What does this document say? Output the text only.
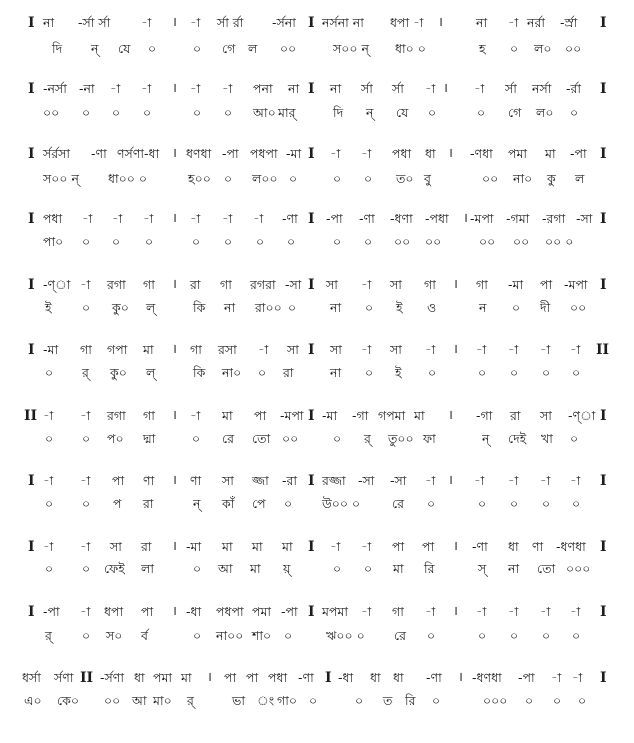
I না -র্সা র্সা -া । -া র্সা র্রা -র্সনা I নর্সনা না ধপা -া ।	না -া নর্রা -র্স্রা I
দি ন্ যে ০	০ গে ল ০০	স০০ ন্ ধা০ ০	হ ০ ল০ ০০
I -নর্সা -না -া -া । -া -া পনা না I না র্সা র্সা -া । -া র্সা নর্সা -র্রা I
০০ ০ ০ ০	০ ০ আ০ মার্	দি ন্ যে ০	০ গে ল০ ০
I র্সর্রসা -ণা ণর্সণা-ধা । ধণধা -পা পধপা -মা I -া -া পধা ধা । -ণধা পমা মা -পা I
স০০ ন্ ধা০০ ০	হ০০ ০ ল০০ ০	০ ০ ত০ বু	০০ না০ কু ল
I পধা -া -া -া । -া -া -া -ণা I -পা -ণা -ধণা -পধা । -মপা -গমা -রগা -সা I
পা০ ০ ০ ০	০ ০ ০ ০	০ ০ ০০ ০০	০০ ০০ ০০ ০
I -ণ্া -া রগা গা । রা গা রগরা -সা I সা -া সা গা । গা -মা পা -মপা I
ই ০ কু০ ল্	কি না রা০০ ০	না ০ ই ও	ন ০ দী ০০
I -মা গা গপা মা । গা রসা -া সা I সা -া সা -া । -া -া -া -া II
০ র্ কু০ ল্	কি না০ ০ রা	না ০ ই ০	০ ০ ০ ০
II -া -া রগা গা । -া মা পা -মপা I -মা -গা গপমা মা । -গা রা সা -ণ্া I
০ ০ প০ দ্মা	০ রে তো ০০	০ র্ তু০০ ফা	ন্ দেই খা ০
I -া -া পা ণা । ণা সা জ্জা -রা I রজ্জা -সা -সা -া । -া -া -া -া I
০ ০ প রা	ন্ কাঁ পে ০ উ০০ ০	রে ০	০ ০ ০ ০
I -া -া সা রা । -মা মা মা মা I -া -া পা পা । -ণা ধা ণা -ধণধা I
০ ০ ফেই লা	০ আ মা য়্	০ ০ মা রি	স্ না তো ০০০
I -পা -া ধপা পা । -ধা পধপা পমা -পা I মপমা -া গা -া । -া -া -া -া I
র্ ০ স০ র্ব	০ না০০ শা০ ০	ঋ০০ ০ রে ০	০ ০ ০ ০
ধর্সা র্সণা II -র্সণা ধা পমা মা । পা পা পধা -ণা I -ধা ধা ধা -ণা । -ধণধা -পা -া -া I
এ০ কে০ ০০ আ মা০ র্	ভা ং গা০ ০	০ ত রি ০	০০০ ০ ০ ০
